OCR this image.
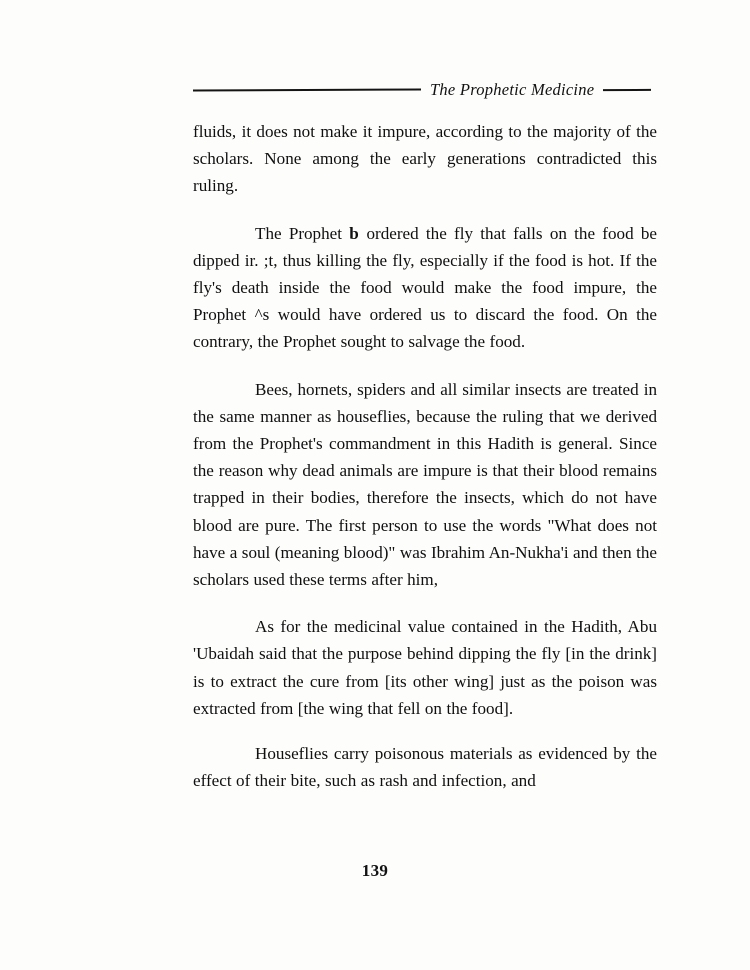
The Prophetic Medicine

fluids, it does not make it impure, according to the majority of the scholars. None among the early generations contradicted this ruling.

The Prophet b ordered the fly that falls on the food be dipped ir. ;t, thus killing the fly, especially if the food is hot. If the fly's death inside the food would make the food impure, the Prophet ^s would have ordered us to discard the food. On the contrary, the Prophet sought to salvage the food.

Bees, hornets, spiders and all similar insects are treated in the same manner as houseflies, because the ruling that we derived from the Prophet's commandment in this Hadith is general. Since the reason why dead animals are impure is that their blood remains trapped in their bodies, therefore the insects, which do not have blood are pure. The first person to use the words "What does not have a soul (meaning blood)" was Ibrahim An-Nukha'i and then the scholars used these terms after him,

As for the medicinal value contained in the Hadith, Abu 'Ubaidah said that the purpose behind dipping the fly [in the drink] is to extract the cure from [its other wing] just as the poison was extracted from [the wing that fell on the food].

Houseflies carry poisonous materials as evidenced by the effect of their bite, such as rash and infection, and

139
